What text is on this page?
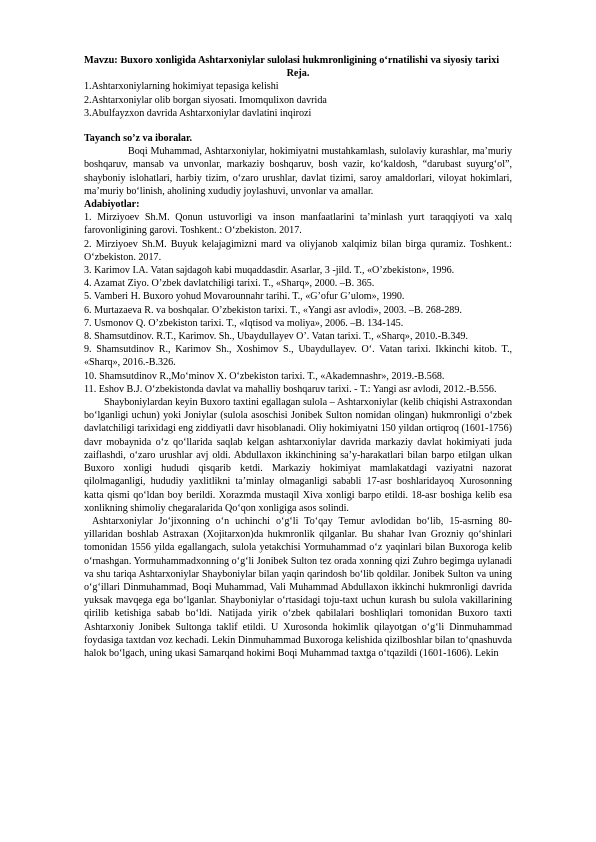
Mavzu: Buxoro xonligida Ashtarxoniylar sulolasi hukmronligining o‘rnatilishi va siyosiy tarixi

Reja.

1.Ashtarxoniylarning hokimiyat tepasiga kelishi

2.Ashtarxoniylar olib borgan siyosati. Imomqulixon davrida

3.Abulfayzxon davrida Ashtarxoniylar davlatini inqirozi

Tayanch so’z va iboralar.

Boqi Muhammad, Ashtarxoniylar, hokimiyatni mustahkamlash, sulolaviy kurashlar, ma’muriy boshqaruv, mansab va unvonlar, markaziy boshqaruv, bosh vazir, ko‘kaldosh, “darubast suyurg‘ol”, shayboniy islohatlari, harbiy tizim, o‘zaro urushlar, davlat tizimi, saroy amaldorlari, viloyat hokimlari, ma’muriy bo‘linish, aholining xududiy joylashuvi, unvonlar va amallar.

Adabiyotlar:

1. Mirziyoev Sh.M. Qonun ustuvorligi va inson manfaatlarini ta’minlash yurt taraqqiyoti va xalq farovonligining garovi. Toshkent.: O‘zbekiston. 2017.

2. Mirziyoev Sh.M. Buyuk kelajagimizni mard va oliyjanob xalqimiz bilan birga quramiz. Toshkent.: O‘zbekiston. 2017.

3. Karimov I.A. Vatan sajdagoh kabi muqaddasdir. Asarlar, 3 -jild. T., «O’zbekiston», 1996.

4. Azamat Ziyo. O’zbek davlatchiligi tarixi. T., «Sharq», 2000. –B. 365.

5. Vamberi H. Buxoro yohud Movarounnahr tarihi. T., «G’ofur G’ulom», 1990.

6. Murtazaeva R. va boshqalar. O’zbekiston tarixi. T., «Yangi asr avlodi», 2003. –B. 268-289.

7. Usmonov Q. O’zbekiston tarixi. T., «Iqtisod va moliya», 2006. –B. 134-145.

8. Shamsutdinov. R.T., Karimov. Sh., Ubaydullayev O’. Vatan tarixi. T., «Sharq», 2010.-B.349.

9. Shamsutdinov R., Karimov Sh., Xoshimov S., Ubaydullayev. O‘. Vatan tarixi. Ikkinchi kitob. T., «Sharq», 2016.-B.326.

10. Shamsutdinov R.,Mo‘minov X. O‘zbekiston tarixi. T., «Akademnashr», 2019.-B.568.

11. Eshov B.J. O‘zbekistonda davlat va mahalliy boshqaruv tarixi. - T.: Yangi asr avlodi, 2012.-B.556.

Shayboniylardan keyin Buxoro taxtini egallagan sulola – Ashtarxoniylar (kelib chiqishi Astraxondan bo‘lganligi uchun) yoki Joniylar (sulola asoschisi Jonibek Sulton nomidan olingan) hukmronligi o‘zbek davlatchiligi tarixidagi eng ziddiyatli davr hisoblanadi. Oliy hokimiyatni 150 yildan ortiqroq (1601-1756) davr mobaynida o‘z qo‘llarida saqlab kelgan ashtarxoniylar davrida markaziy davlat hokimiyati juda zaiflashdi, o‘zaro urushlar avj oldi. Abdullaxon ikkinchining sa’y-harakatlari bilan barpo etilgan ulkan Buxoro xonligi hududi qisqarib ketdi. Markaziy hokimiyat mamlakatdagi vaziyatni nazorat qilolmaganligi, hududiy yaxlitlikni ta’minlay olmaganligi sababli 17-asr boshlaridayoq Xurosonning katta qismi qo‘ldan boy berildi. Xorazmda mustaqil Xiva xonligi barpo etildi. 18-asr boshiga kelib esa xonlikning shimoliy chegaralarida Qo‘qon xonligiga asos solindi.

Ashtarxoniylar Jo‘jixonning o‘n uchinchi o‘g‘li To‘qay Temur avlodidan bo‘lib, 15-asrning 80-yillaridan boshlab Astraxan (Xojitarxon)da hukmronlik qilganlar. Bu shahar Ivan Grozniy qo‘shinlari tomonidan 1556 yilda egallangach, sulola yetakchisi Yormuhammad o‘z yaqinlari bilan Buxoroga kelib o‘rnashgan. Yormuhammadxonning o‘g‘li Jonibek Sulton tez orada xonning qizi Zuhro begimga uylanadi va shu tariqa Ashtarxoniylar Shayboniylar bilan yaqin qarindosh bo‘lib qoldilar. Jonibek Sulton va uning o‘g‘illari Dinmuhammad, Boqi Muhammad, Vali Muhammad Abdullaxon ikkinchi hukmronligi davrida yuksak mavqega ega bo‘lganlar. Shayboniylar o‘rtasidagi toju-taxt uchun kurash bu sulola vakillarining qirilib ketishiga sabab bo‘ldi. Natijada yirik o‘zbek qabilalari boshliqlari tomonidan Buxoro taxti Ashtarxoniy Jonibek Sultonga taklif etildi. U Xurosonda hokimlik qilayotgan o‘g‘li Dinmuhammad foydasiga taxtdan voz kechadi. Lekin Dinmuhammad Buxoroga kelishida qizilboshlar bilan to‘qnashuvda halok bo‘lgach, uning ukasi Samarqand hokimi Boqi Muhammad taxtga o‘tqazildi (1601-1606). Lekin
